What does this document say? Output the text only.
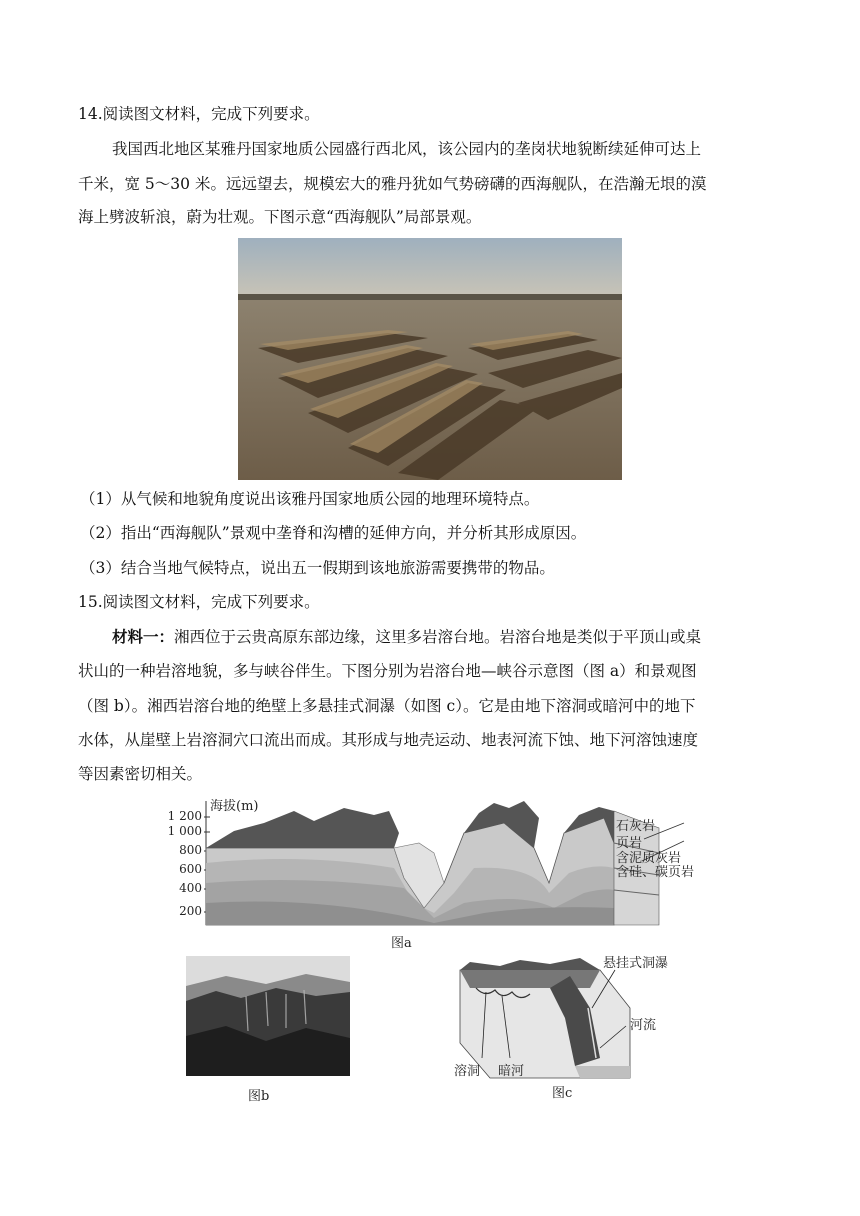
14.阅读图文材料，完成下列要求。
我国西北地区某雅丹国家地质公园盛行西北风，该公园内的垄岗状地貌断续延伸可达上
千米，宽 5～30 米。远远望去，规模宏大的雅丹犹如气势磅礴的西海舰队，在浩瀚无垠的漠
海上劈波斩浪，蔚为壮观。下图示意“西海舰队”局部景观。
（1）从气候和地貌角度说出该雅丹国家地质公园的地理环境特点。
（2）指出“西海舰队”景观中垄脊和沟槽的延伸方向，并分析其形成原因。
（3）结合当地气候特点，说出五一假期到该地旅游需要携带的物品。
15.阅读图文材料，完成下列要求。
材料一：湘西位于云贵高原东部边缘，这里多岩溶台地。岩溶台地是类似于平顶山或桌
状山的一种岩溶地貌，多与峡谷伴生。下图分别为岩溶台地—峡谷示意图（图 a）和景观图
（图 b）。湘西岩溶台地的绝壁上多悬挂式洞瀑（如图 c）。它是由地下溶洞或暗河中的地下
水体，从崖壁上岩溶洞穴口流出而成。其形成与地壳运动、地表河流下蚀、地下河溶蚀速度
等因素密切相关。
海拔(m)
1 200
1 000
800
600
400
200
石灰岩
页岩
含泥质灰岩
含硅、碳页岩
图a
图b
悬挂式洞瀑
河流
溶洞 暗河
图c
